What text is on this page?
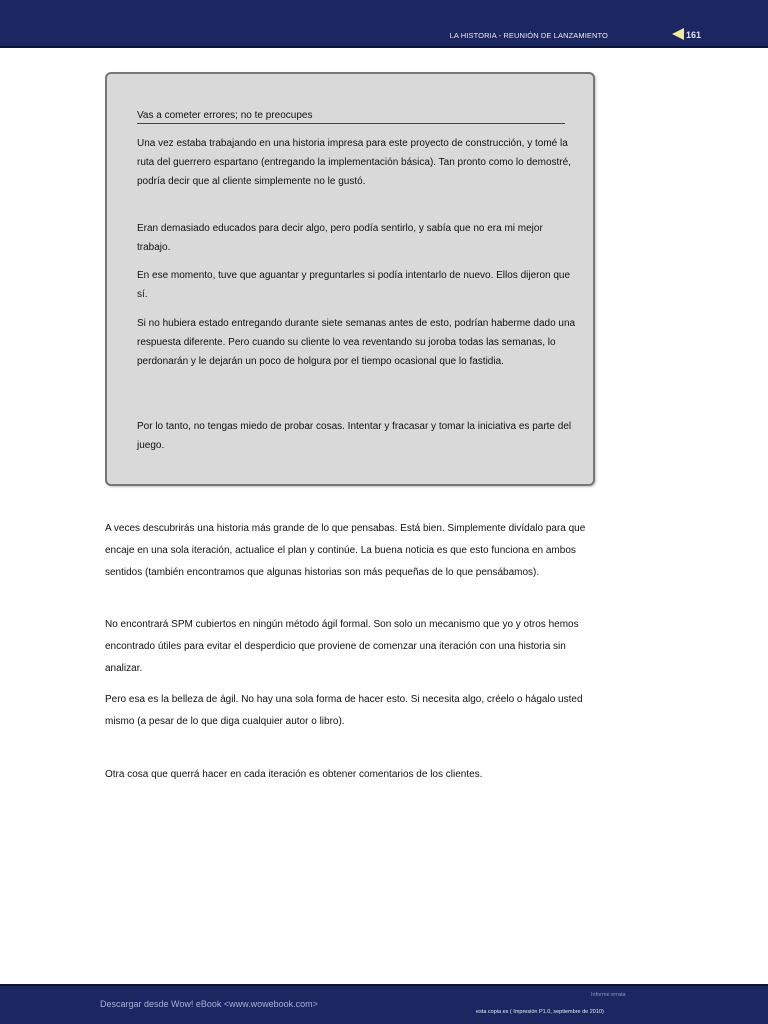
LA HISTORIA - REUNIÓN DE LANZAMIENTO	161
Vas a cometer errores; no te preocupes

Una vez estaba trabajando en una historia impresa para este proyecto de construcción, y tomé la ruta del guerrero espartano (entregando la implementación básica). Tan pronto como lo demostré, podría decir que al cliente simplemente no le gustó.

Eran demasiado educados para decir algo, pero podía sentirlo, y sabía que no era mi mejor trabajo.

En ese momento, tuve que aguantar y preguntarles si podía intentarlo de nuevo. Ellos dijeron que sí.

Si no hubiera estado entregando durante siete semanas antes de esto, podrían haberme dado una respuesta diferente. Pero cuando su cliente lo vea reventando su joroba todas las semanas, lo perdonarán y le dejarán un poco de holgura por el tiempo ocasional que lo fastidia.

Por lo tanto, no tengas miedo de probar cosas. Intentar y fracasar y tomar la iniciativa es parte del juego.

A veces descubrirás una historia más grande de lo que pensabas. Está bien. Simplemente divídalo para que encaje en una sola iteración, actualice el plan y continúe. La buena noticia es que esto funciona en ambos sentidos (también encontramos que algunas historias son más pequeñas de lo que pensábamos).

No encontrará SPM cubiertos en ningún método ágil formal. Son solo un mecanismo que yo y otros hemos encontrado útiles para evitar el desperdicio que proviene de comenzar una iteración con una historia sin analizar.

Pero esa es la belleza de ágil. No hay una sola forma de hacer esto. Si necesita algo, créelo o hágalo usted mismo (a pesar de lo que diga cualquier autor o libro).

Otra cosa que querrá hacer en cada iteración es obtener comentarios de los clientes.

Descargar desde Wow! eBook <www.wowebook.com>
Informe errata
esta copia es ( Impresión P1.0, septiembre de 2010)
